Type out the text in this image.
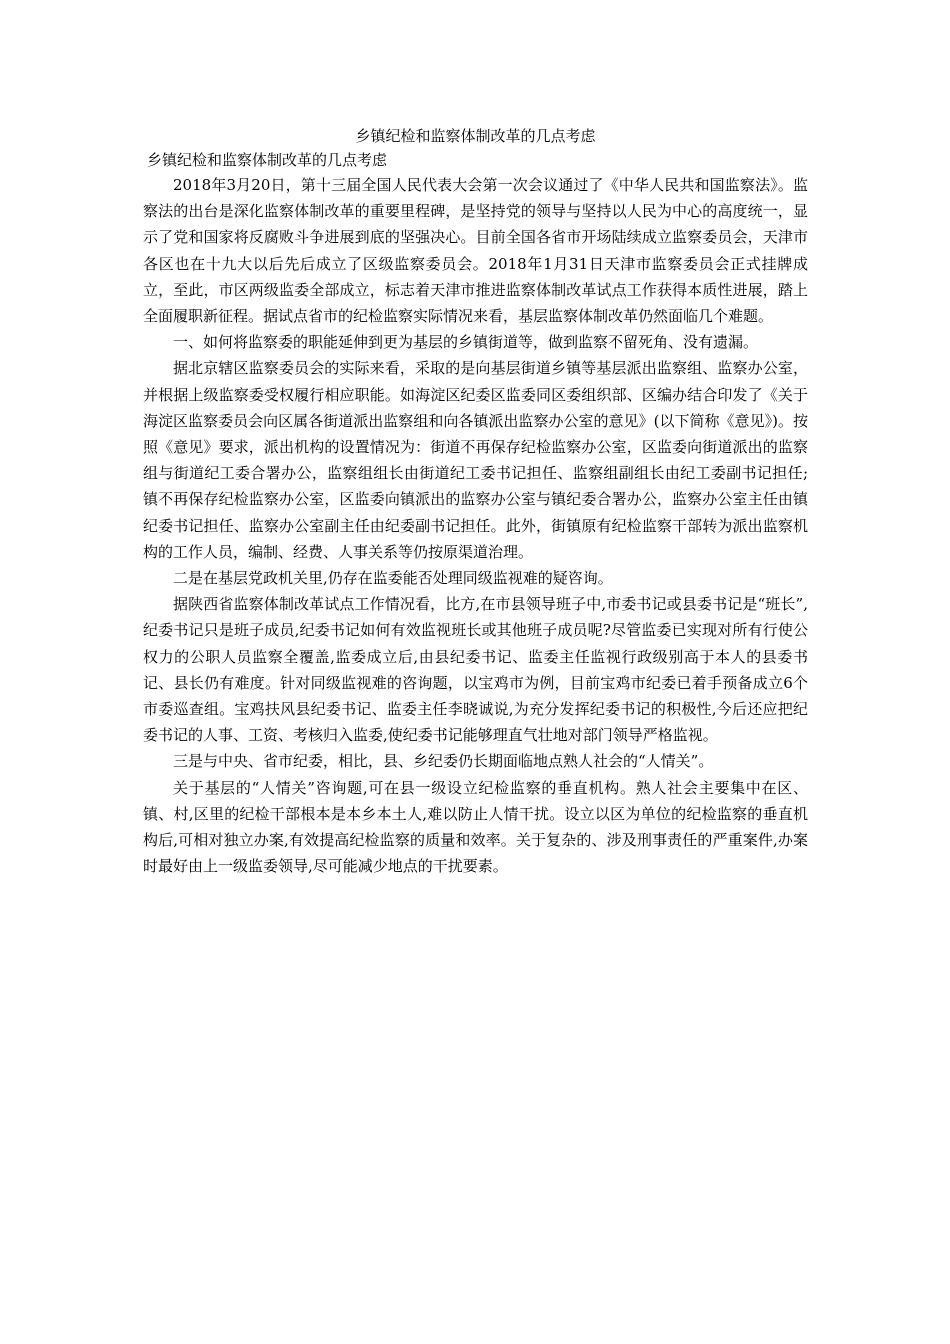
乡镇纪检和监察体制改革的几点考虑
乡镇纪检和监察体制改革的几点考虑

2018年3月20日，第十三届全国人民代表大会第一次会议通过了《中华人民共和国监察法》。监察法的出台是深化监察体制改革的重要里程碑，是坚持党的领导与坚持以人民为中心的高度统一，显示了党和国家将反腐败斗争进展到底的坚强决心。目前全国各省市开场陆续成立监察委员会，天津市各区也在十九大以后先后成立了区级监察委员会。2018年1月31日天津市监察委员会正式挂牌成立，至此，市区两级监委全部成立，标志着天津市推进监察体制改革试点工作获得本质性进展，踏上全面履职新征程。据试点省市的纪检监察实际情况来看，基层监察体制改革仍然面临几个难题。

一、如何将监察委的职能延伸到更为基层的乡镇街道等，做到监察不留死角、没有遗漏。

据北京辖区监察委员会的实际来看，采取的是向基层街道乡镇等基层派出监察组、监察办公室，并根据上级监察委受权履行相应职能。如海淀区纪委区监委同区委组织部、区编办结合印发了《关于海淀区监察委员会向区属各街道派出监察组和向各镇派出监察办公室的意见》(以下简称《意见》)。按照《意见》要求，派出机构的设置情况为：街道不再保存纪检监察办公室，区监委向街道派出的监察组与街道纪工委合署办公，监察组组长由街道纪工委书记担任、监察组副组长由纪工委副书记担任;镇不再保存纪检监察办公室，区监委向镇派出的监察办公室与镇纪委合署办公，监察办公室主任由镇纪委书记担任、监察办公室副主任由纪委副书记担任。此外，街镇原有纪检监察干部转为派出监察机构的工作人员，编制、经费、人事关系等仍按原渠道治理。

二是在基层党政机关里,仍存在监委能否处理同级监视难的疑咨询。

据陕西省监察体制改革试点工作情况看，比方,在市县领导班子中,市委书记或县委书记是“班长”,纪委书记只是班子成员,纪委书记如何有效监视班长或其他班子成员呢?尽管监委已实现对所有行使公权力的公职人员监察全覆盖,监委成立后,由县纪委书记、监委主任监视行政级别高于本人的县委书记、县长仍有难度。针对同级监视难的咨询题，以宝鸡市为例，目前宝鸡市纪委已着手预备成立6个市委巡查组。宝鸡扶风县纪委书记、监委主任李晓诚说,为充分发挥纪委书记的积极性,今后还应把纪委书记的人事、工资、考核归入监委,使纪委书记能够理直气壮地对部门领导严格监视。

三是与中央、省市纪委，相比，县、乡纪委仍长期面临地点熟人社会的“人情关”。

关于基层的“人情关”咨询题,可在县一级设立纪检监察的垂直机构。熟人社会主要集中在区、镇、村,区里的纪检干部根本是本乡本土人,难以防止人情干扰。设立以区为单位的纪检监察的垂直机构后,可相对独立办案,有效提高纪检监察的质量和效率。关于复杂的、涉及刑事责任的严重案件,办案时最好由上一级监委领导,尽可能减少地点的干扰要素。
